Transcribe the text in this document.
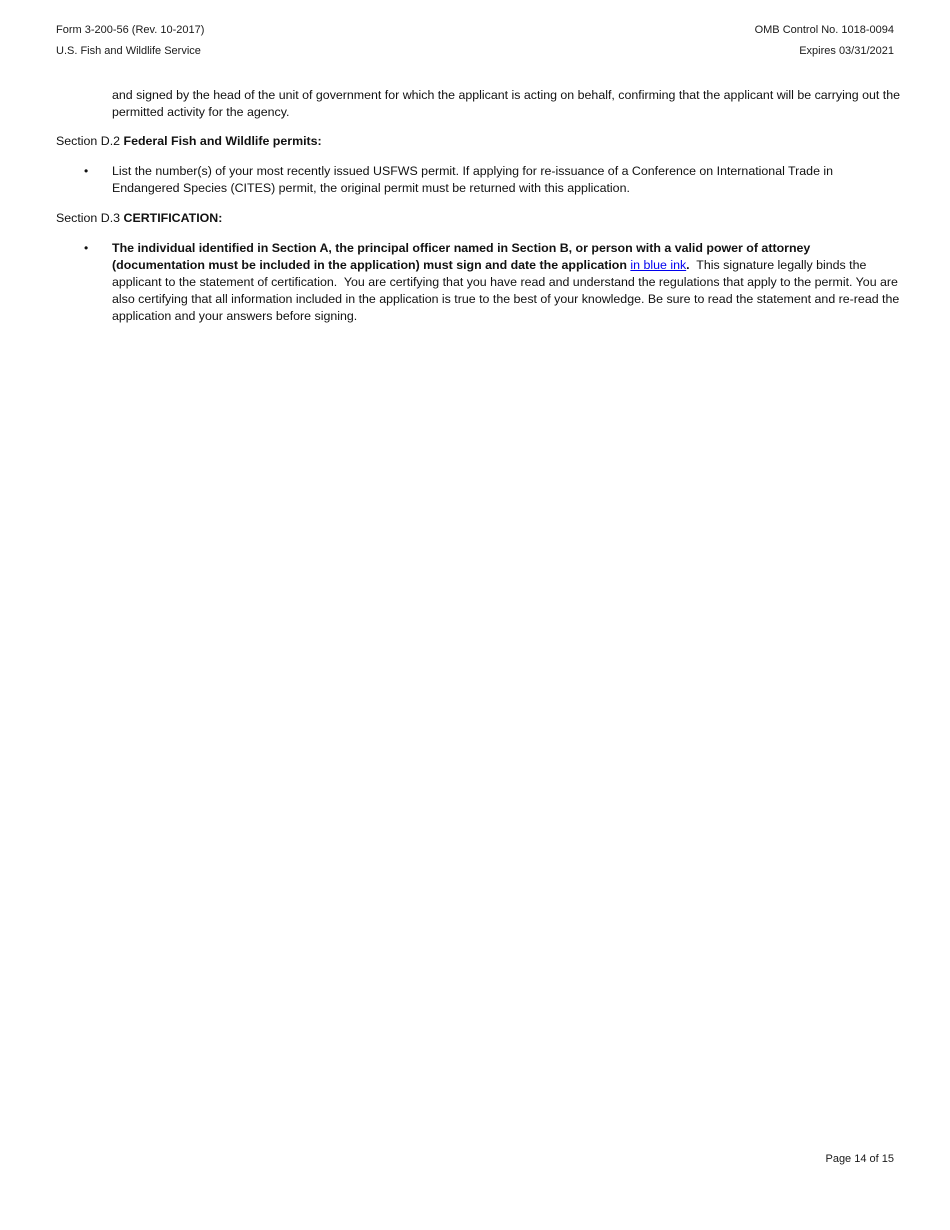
Form 3-200-56 (Rev. 10-2017)
U.S. Fish and Wildlife Service
OMB Control No. 1018-0094
Expires 03/31/2021
and signed by the head of the unit of government for which the applicant is acting on behalf, confirming that the applicant will be carrying out the permitted activity for the agency.
Section D.2 Federal Fish and Wildlife permits:
•	List the number(s) of your most recently issued USFWS permit. If applying for re-issuance of a Conference on International Trade in Endangered Species (CITES) permit, the original permit must be returned with this application.
Section D.3 CERTIFICATION:
•	The individual identified in Section A, the principal officer named in Section B, or person with a valid power of attorney (documentation must be included in the application) must sign and date the application in blue ink.  This signature legally binds the applicant to the statement of certification.  You are certifying that you have read and understand the regulations that apply to the permit. You are also certifying that all information included in the application is true to the best of your knowledge. Be sure to read the statement and re-read the application and your answers before signing.
Page 14 of 15
